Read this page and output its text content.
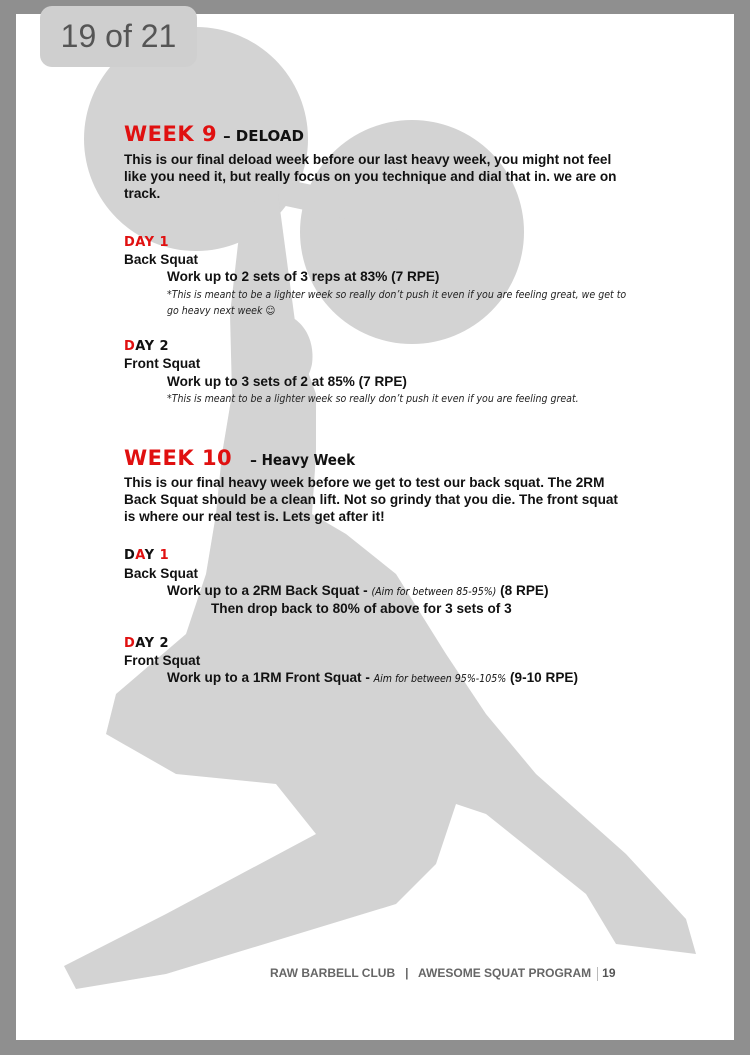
19 of 21
WEEK 9 – DELOAD
This is our final deload week before our last heavy week, you might not feel like you need it, but really focus on you technique and dial that in. we are on track.
DAY 1
Back Squat
Work up to 2 sets of 3 reps at 83% (7 RPE)
*This is meant to be a lighter week so really don’t push it even if you are feeling great, we get to go heavy next week ☺
DAY 2
Front Squat
Work up to 3 sets of 2 at 85% (7 RPE)
*This is meant to be a lighter week so really don’t push it even if you are feeling great.
WEEK 10 – Heavy Week
This is our final heavy week before we get to test our back squat. The 2RM Back Squat should be a clean lift. Not so grindy that you die. The front squat is where our real test is. Lets get after it!
DAY 1
Back Squat
Work up to a 2RM Back Squat - (Aim for between 85-95%) (8 RPE)
Then drop back to 80% of above for 3 sets of 3
DAY 2
Front Squat
Work up to a 1RM Front Squat - Aim for between 95%-105% (9-10 RPE)
RAW BARBELL CLUB   |   AWESOME SQUAT PROGRAM 19
